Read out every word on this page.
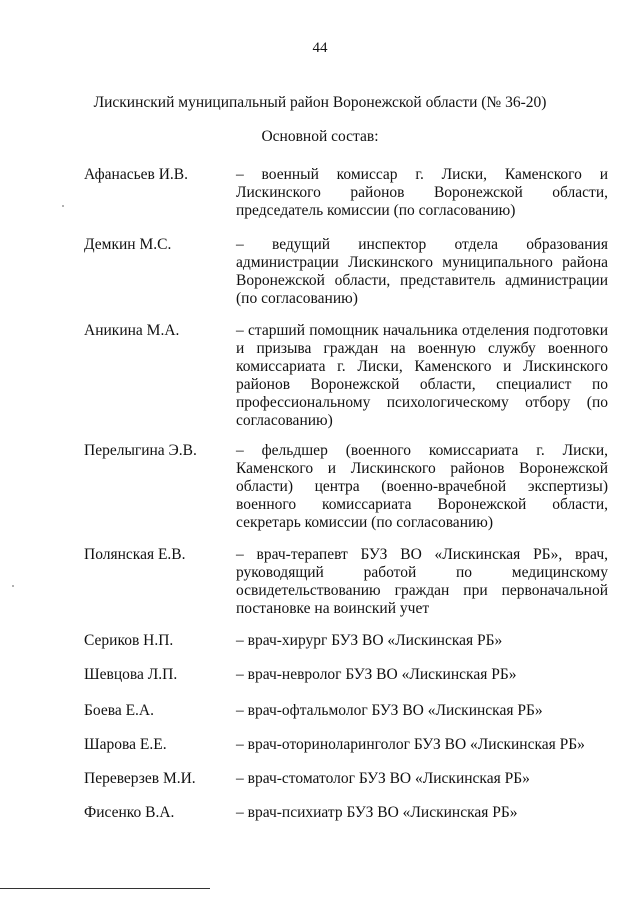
44
Лискинский муниципальный район Воронежской области (№ 36-20)
Основной состав:
Афанасьев И.В.	– военный комиссар г. Лиски, Каменского и Лискинского районов Воронежской области, председатель комиссии (по согласованию)
Демкин М.С.	– ведущий инспектор отдела образования администрации Лискинского муниципального района Воронежской области, представитель администрации (по согласованию)
Аникина М.А.	– старший помощник начальника отделения подготовки и призыва граждан на военную службу военного комиссариата г. Лиски, Каменского и Лискинского районов Воронежской области, специалист по профессиональному психологическому отбору (по согласованию)
Перелыгина Э.В.	– фельдшер (военного комиссариата г. Лиски, Каменского и Лискинского районов Воронежской области) центра (военно-врачебной экспертизы) военного комиссариата Воронежской области, секретарь комиссии (по согласованию)
Полянская Е.В.	– врач-терапевт БУЗ ВО «Лискинская РБ», врач, руководящий работой по медицинскому освидетельствованию граждан при первоначальной постановке на воинский учет
Сериков Н.П.	– врач-хирург БУЗ ВО «Лискинская РБ»
Шевцова Л.П.	– врач-невролог БУЗ ВО «Лискинская РБ»
Боева Е.А.	– врач-офтальмолог БУЗ ВО «Лискинская РБ»
Шарова Е.Е.	– врач-оториноларинголог БУЗ ВО «Лискинская РБ»
Переверзев М.И.	– врач-стоматолог БУЗ ВО «Лискинская РБ»
Фисенко В.А.	– врач-психиатр БУЗ ВО «Лискинская РБ»
